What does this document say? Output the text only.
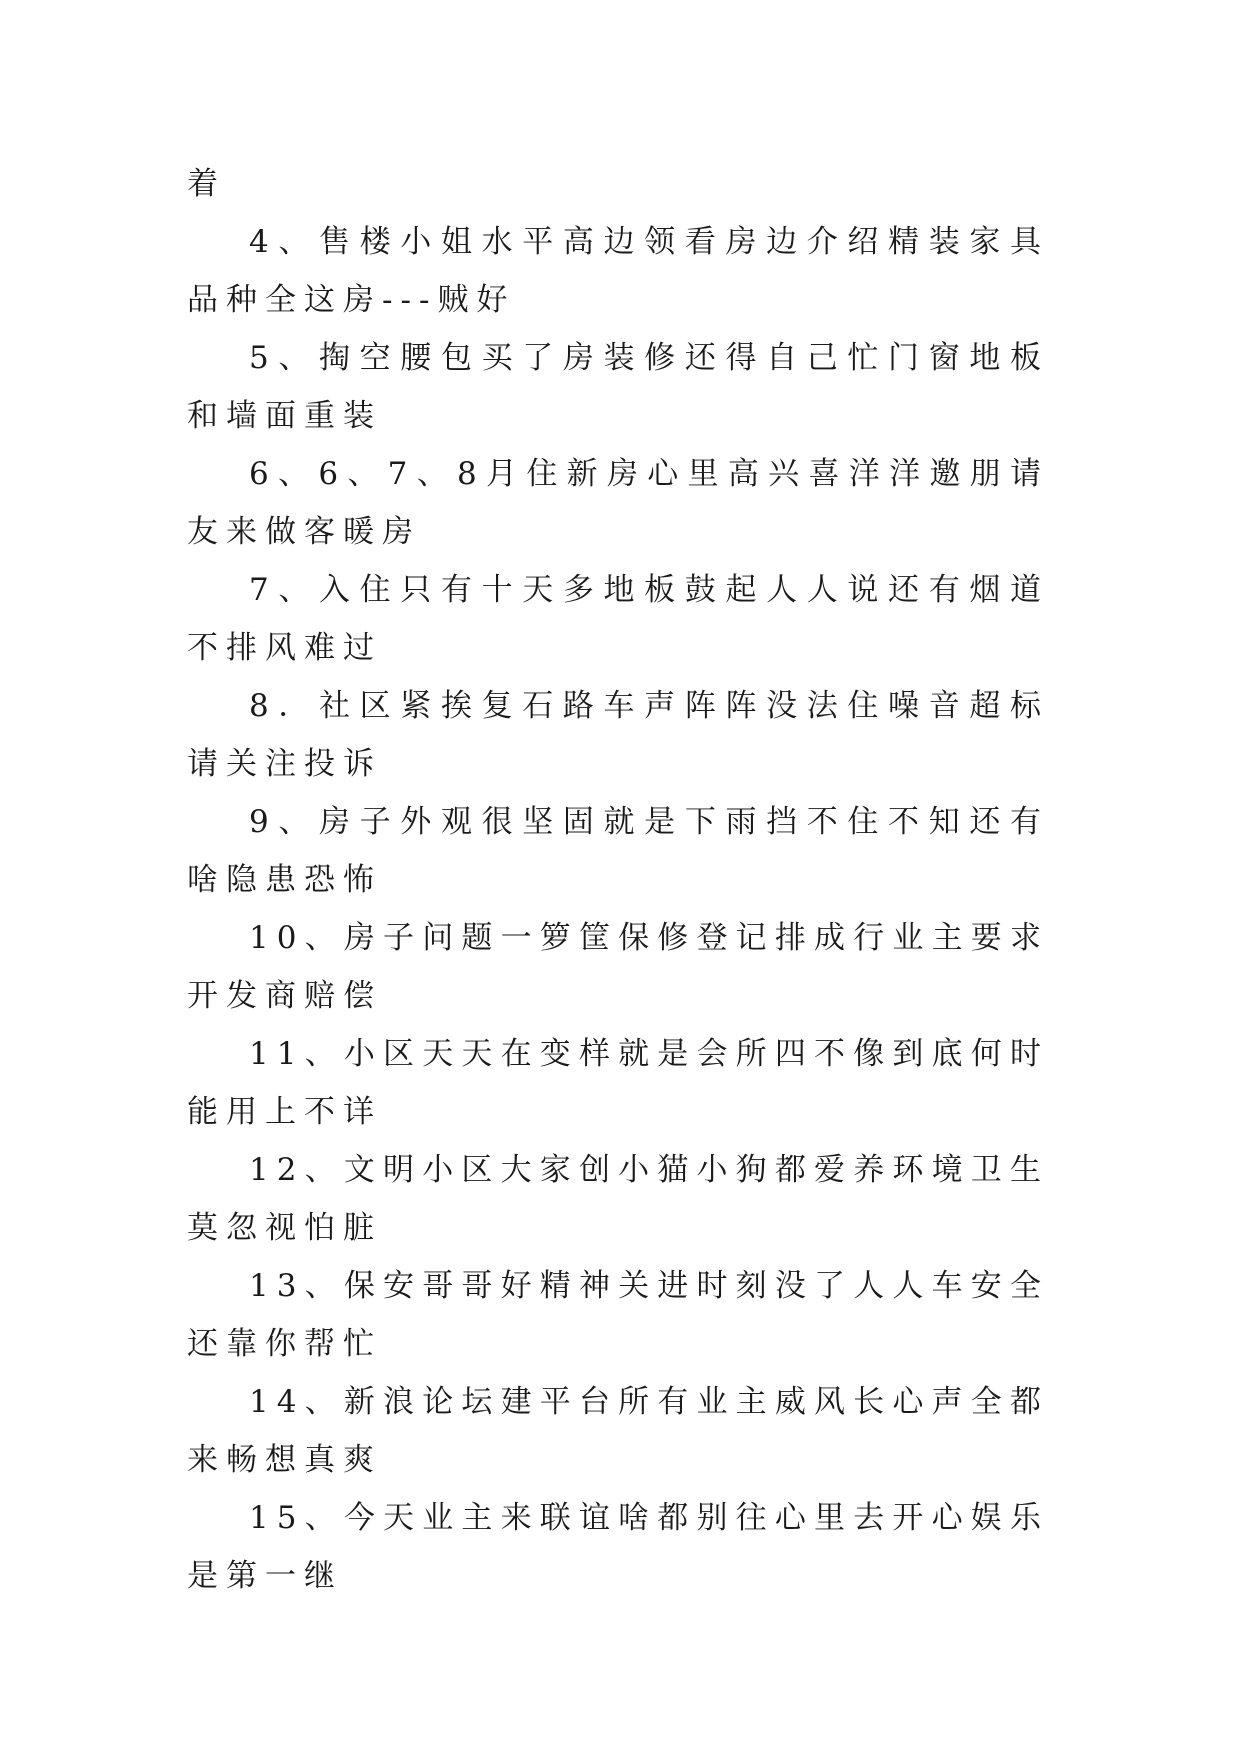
着

4、售楼小姐水平高边领看房边介绍精装家具品种全这房---贼好

5、掏空腰包买了房装修还得自己忙门窗地板和墙面重装

6、6、7、8月住新房心里高兴喜洋洋邀朋请友来做客暖房

7、入住只有十天多地板鼓起人人说还有烟道不排风难过

8．社区紧挨复石路车声阵阵没法住噪音超标请关注投诉

9、房子外观很坚固就是下雨挡不住不知还有啥隐患恐怖

10、房子问题一箩筐保修登记排成行业主要求开发商赔偿

11、小区天天在变样就是会所四不像到底何时能用上不详

12、文明小区大家创小猫小狗都爱养环境卫生莫忽视怕脏

13、保安哥哥好精神关进时刻没了人人车安全还靠你帮忙

14、新浪论坛建平台所有业主威风长心声全都来畅想真爽

15、今天业主来联谊啥都别往心里去开心娱乐是第一继
